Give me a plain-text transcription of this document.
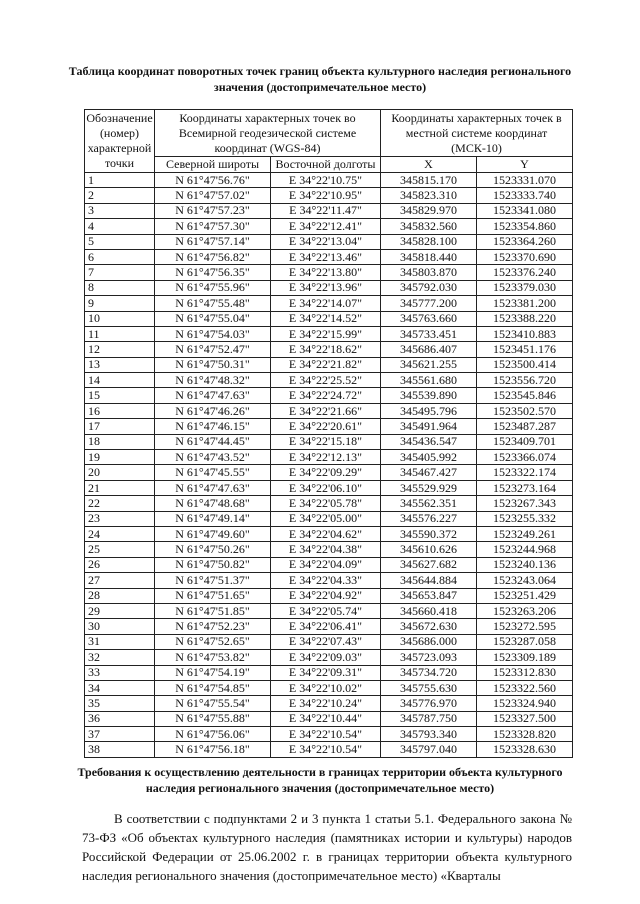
Таблица координат поворотных точек границ объекта культурного наследия регионального значения (достопримечательное место)
Обозначение (номер) характерной точки	Координаты характерных точек во Всемирной геодезической системе координат (WGS-84)		Координаты характерных точек в местной системе координат (МСК-10)	
	Северной широты	Восточной долготы	X	Y
1	N 61°47'56.76"	E 34°22'10.75"	345815.170	1523331.070
2	N 61°47'57.02"	E 34°22'10.95"	345823.310	1523333.740
3	N 61°47'57.23"	E 34°22'11.47"	345829.970	1523341.080
4	N 61°47'57.30"	E 34°22'12.41"	345832.560	1523354.860
5	N 61°47'57.14"	E 34°22'13.04"	345828.100	1523364.260
6	N 61°47'56.82"	E 34°22'13.46"	345818.440	1523370.690
7	N 61°47'56.35"	E 34°22'13.80"	345803.870	1523376.240
8	N 61°47'55.96"	E 34°22'13.96"	345792.030	1523379.030
9	N 61°47'55.48"	E 34°22'14.07"	345777.200	1523381.200
10	N 61°47'55.04"	E 34°22'14.52"	345763.660	1523388.220
11	N 61°47'54.03"	E 34°22'15.99"	345733.451	1523410.883
12	N 61°47'52.47"	E 34°22'18.62"	345686.407	1523451.176
13	N 61°47'50.31"	E 34°22'21.82"	345621.255	1523500.414
14	N 61°47'48.32"	E 34°22'25.52"	345561.680	1523556.720
15	N 61°47'47.63"	E 34°22'24.72"	345539.890	1523545.846
16	N 61°47'46.26"	E 34°22'21.66"	345495.796	1523502.570
17	N 61°47'46.15"	E 34°22'20.61"	345491.964	1523487.287
18	N 61°47'44.45"	E 34°22'15.18"	345436.547	1523409.701
19	N 61°47'43.52"	E 34°22'12.13"	345405.992	1523366.074
20	N 61°47'45.55"	E 34°22'09.29"	345467.427	1523322.174
21	N 61°47'47.63"	E 34°22'06.10"	345529.929	1523273.164
22	N 61°47'48.68"	E 34°22'05.78"	345562.351	1523267.343
23	N 61°47'49.14"	E 34°22'05.00"	345576.227	1523255.332
24	N 61°47'49.60"	E 34°22'04.62"	345590.372	1523249.261
25	N 61°47'50.26"	E 34°22'04.38"	345610.626	1523244.968
26	N 61°47'50.82"	E 34°22'04.09"	345627.682	1523240.136
27	N 61°47'51.37"	E 34°22'04.33"	345644.884	1523243.064
28	N 61°47'51.65"	E 34°22'04.92"	345653.847	1523251.429
29	N 61°47'51.85"	E 34°22'05.74"	345660.418	1523263.206
30	N 61°47'52.23"	E 34°22'06.41"	345672.630	1523272.595
31	N 61°47'52.65"	E 34°22'07.43"	345686.000	1523287.058
32	N 61°47'53.82"	E 34°22'09.03"	345723.093	1523309.189
33	N 61°47'54.19"	E 34°22'09.31"	345734.720	1523312.830
34	N 61°47'54.85"	E 34°22'10.02"	345755.630	1523322.560
35	N 61°47'55.54"	E 34°22'10.24"	345776.970	1523324.940
36	N 61°47'55.88"	E 34°22'10.44"	345787.750	1523327.500
37	N 61°47'56.06"	E 34°22'10.54"	345793.340	1523328.820
38	N 61°47'56.18"	E 34°22'10.54"	345797.040	1523328.630
Требования к осуществлению деятельности в границах территории объекта культурного наследия регионального значения (достопримечательное место)
В соответствии с подпунктами 2 и 3 пункта 1 статьи 5.1. Федерального закона № 73-ФЗ «Об объектах культурного наследия (памятниках истории и культуры) народов Российской Федерации от 25.06.2002 г. в границах территории объекта культурного наследия регионального значения (достопримечательное место) «Кварталы
